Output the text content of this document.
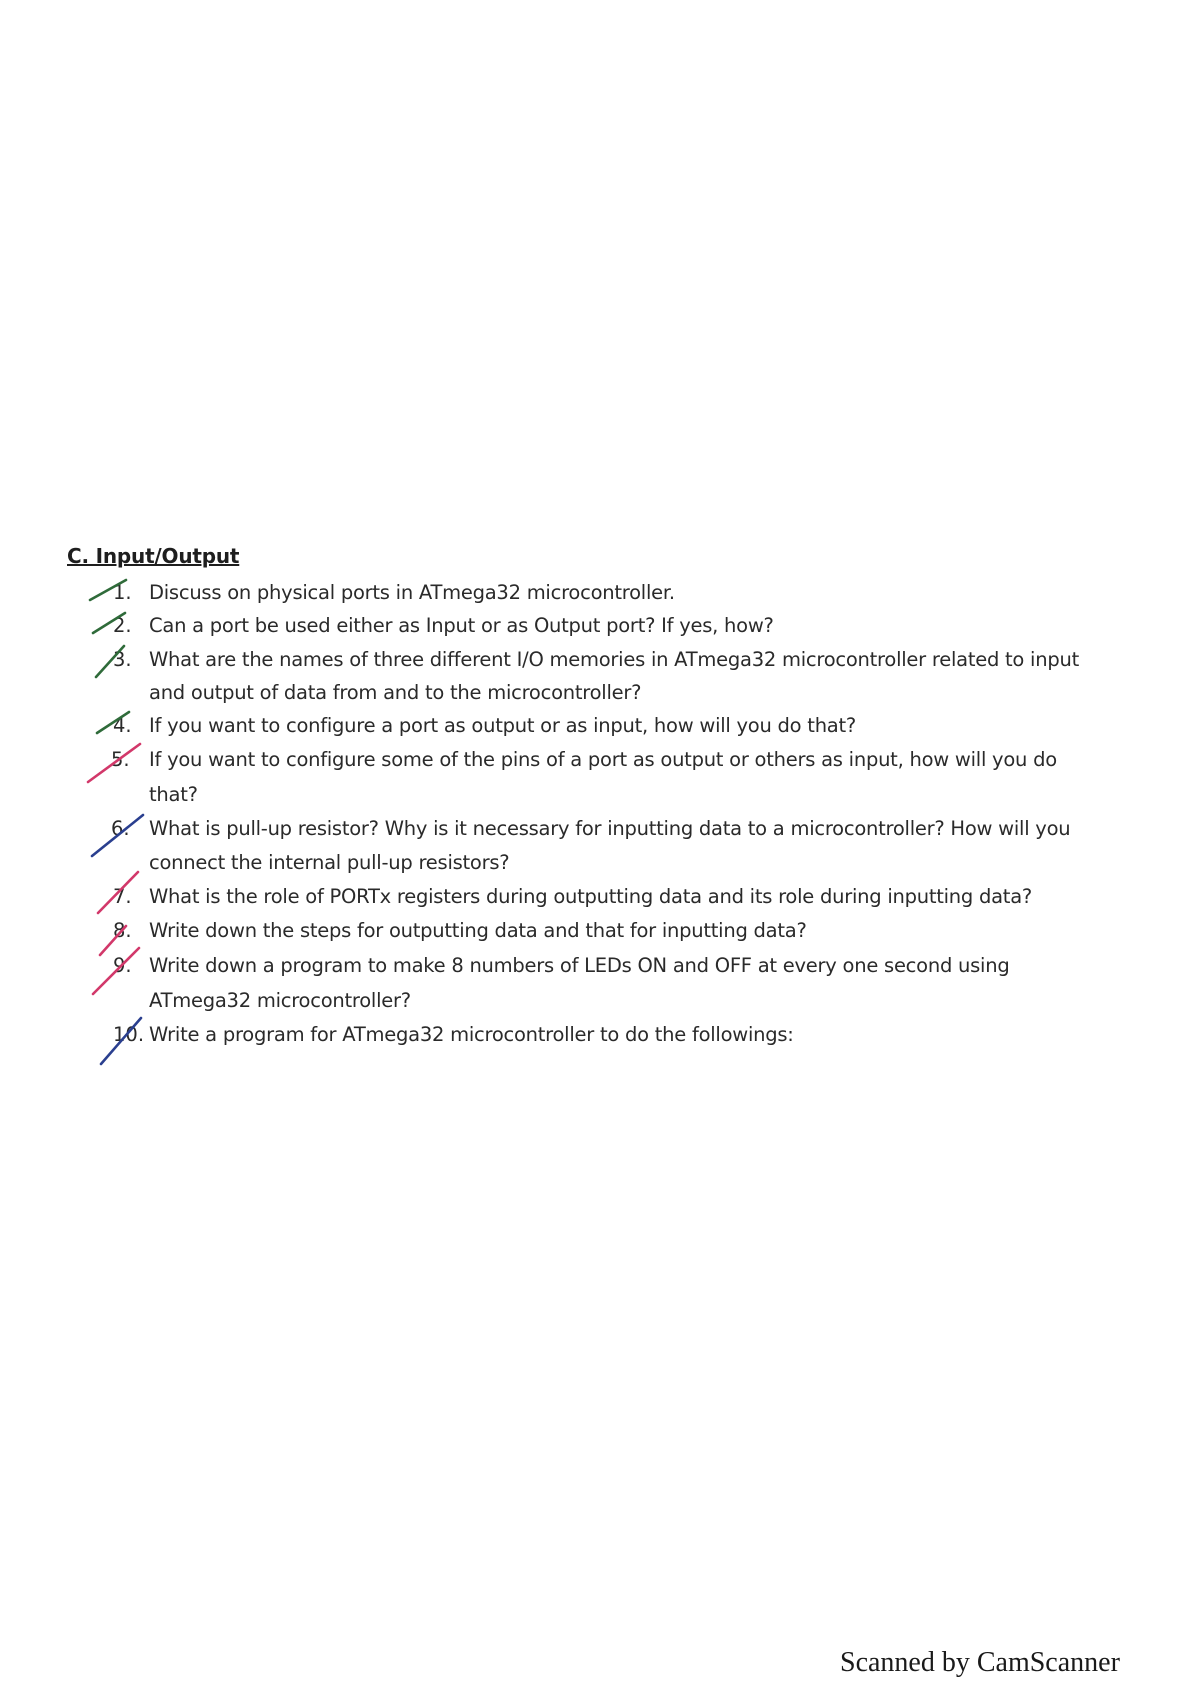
C. Input/Output
1.
2.
3.
4.
5.
6.
7.
8.
9.
10.
Discuss on physical ports in ATmega32 microcontroller.
Can a port be used either as Input or as Output port? If yes, how?
What are the names of three different I/O memories in ATmega32 microcontroller related to input
and output of data from and to the microcontroller?
If you want to configure a port as output or as input, how will you do that?
If you want to configure some of the pins of a port as output or others as input, how will you do
that?
What is pull-up resistor? Why is it necessary for inputting data to a microcontroller? How will you
connect the internal pull-up resistors?
What is the role of PORTx registers during outputting data and its role during inputting data?
Write down the steps for outputting data and that for inputting data?
Write down a program to make 8 numbers of LEDs ON and OFF at every one second using
ATmega32 microcontroller?
Write a program for ATmega32 microcontroller to do the followings:
Scanned by CamScanner
